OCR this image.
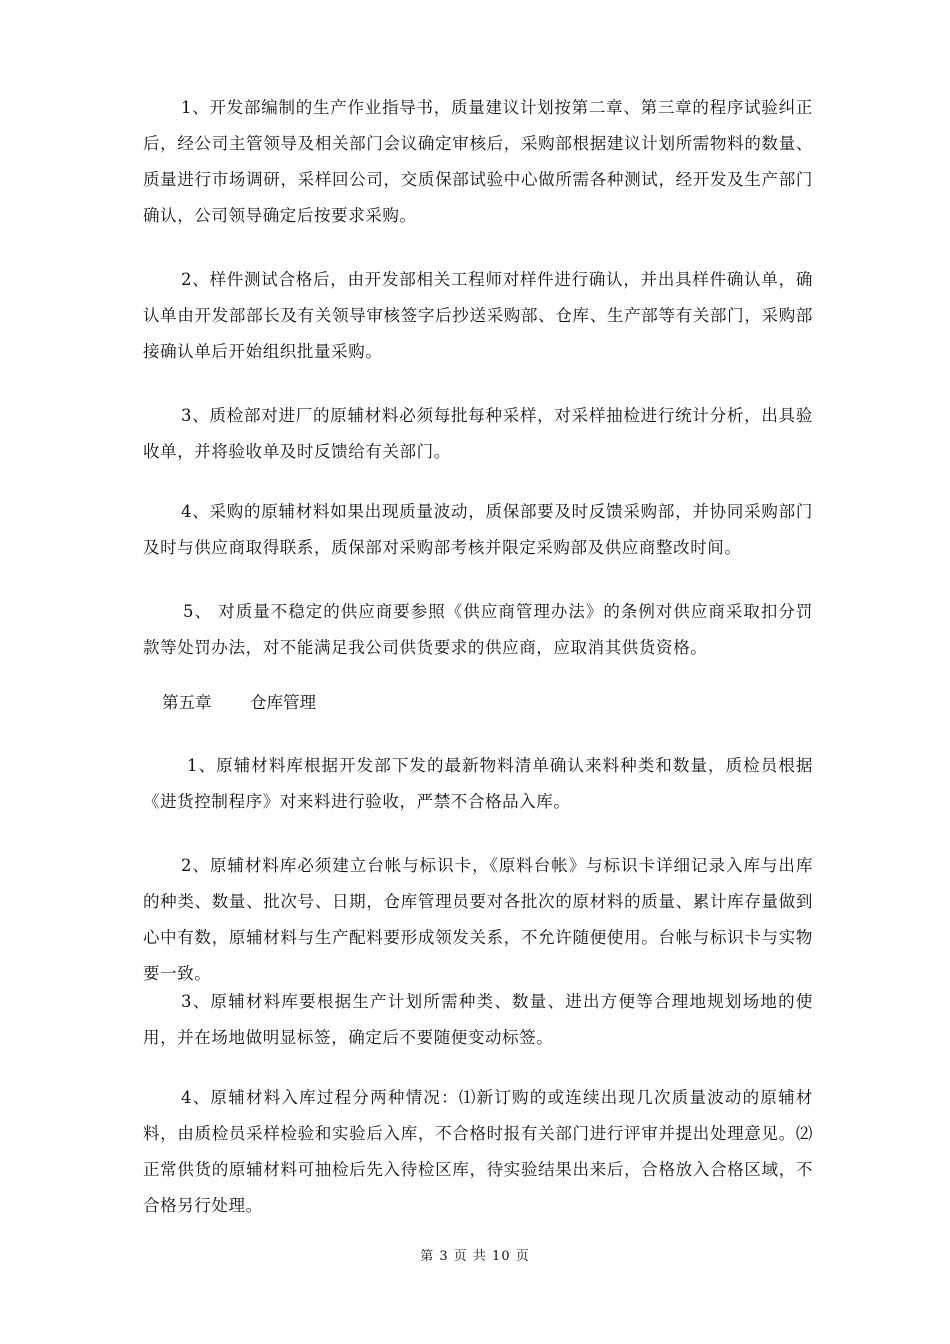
1、开发部编制的生产作业指导书，质量建议计划按第二章、第三章的程序试验纠正后，经公司主管领导及相关部门会议确定审核后，采购部根据建议计划所需物料的数量、质量进行市场调研，采样回公司，交质保部试验中心做所需各种测试，经开发及生产部门确认，公司领导确定后按要求采购。

2、样件测试合格后，由开发部相关工程师对样件进行确认，并出具样件确认单，确认单由开发部部长及有关领导审核签字后抄送采购部、仓库、生产部等有关部门，采购部接确认单后开始组织批量采购。

3、质检部对进厂的原辅材料必须每批每种采样，对采样抽检进行统计分析，出具验收单，并将验收单及时反馈给有关部门。

4、采购的原辅材料如果出现质量波动，质保部要及时反馈采购部，并协同采购部门及时与供应商取得联系，质保部对采购部考核并限定采购部及供应商整改时间。

5、 对质量不稳定的供应商要参照《供应商管理办法》的条例对供应商采取扣分罚款等处罚办法，对不能满足我公司供货要求的供应商，应取消其供货资格。

第五章 仓库管理

1、原辅材料库根据开发部下发的最新物料清单确认来料种类和数量，质检员根据《进货控制程序》对来料进行验收，严禁不合格品入库。

2、原辅材料库必须建立台帐与标识卡，《原料台帐》与标识卡详细记录入库与出库的种类、数量、批次号、日期，仓库管理员要对各批次的原材料的质量、累计库存量做到心中有数，原辅材料与生产配料要形成领发关系，不允许随便使用。台帐与标识卡与实物要一致。

3、原辅材料库要根据生产计划所需种类、数量、进出方便等合理地规划场地的使用，并在场地做明显标签，确定后不要随便变动标签。

4、原辅材料入库过程分两种情况：⑴新订购的或连续出现几次质量波动的原辅材料，由质检员采样检验和实验后入库，不合格时报有关部门进行评审并提出处理意见。⑵正常供货的原辅材料可抽检后先入待检区库，待实验结果出来后，合格放入合格区域，不合格另行处理。

第 3 页 共 10 页
